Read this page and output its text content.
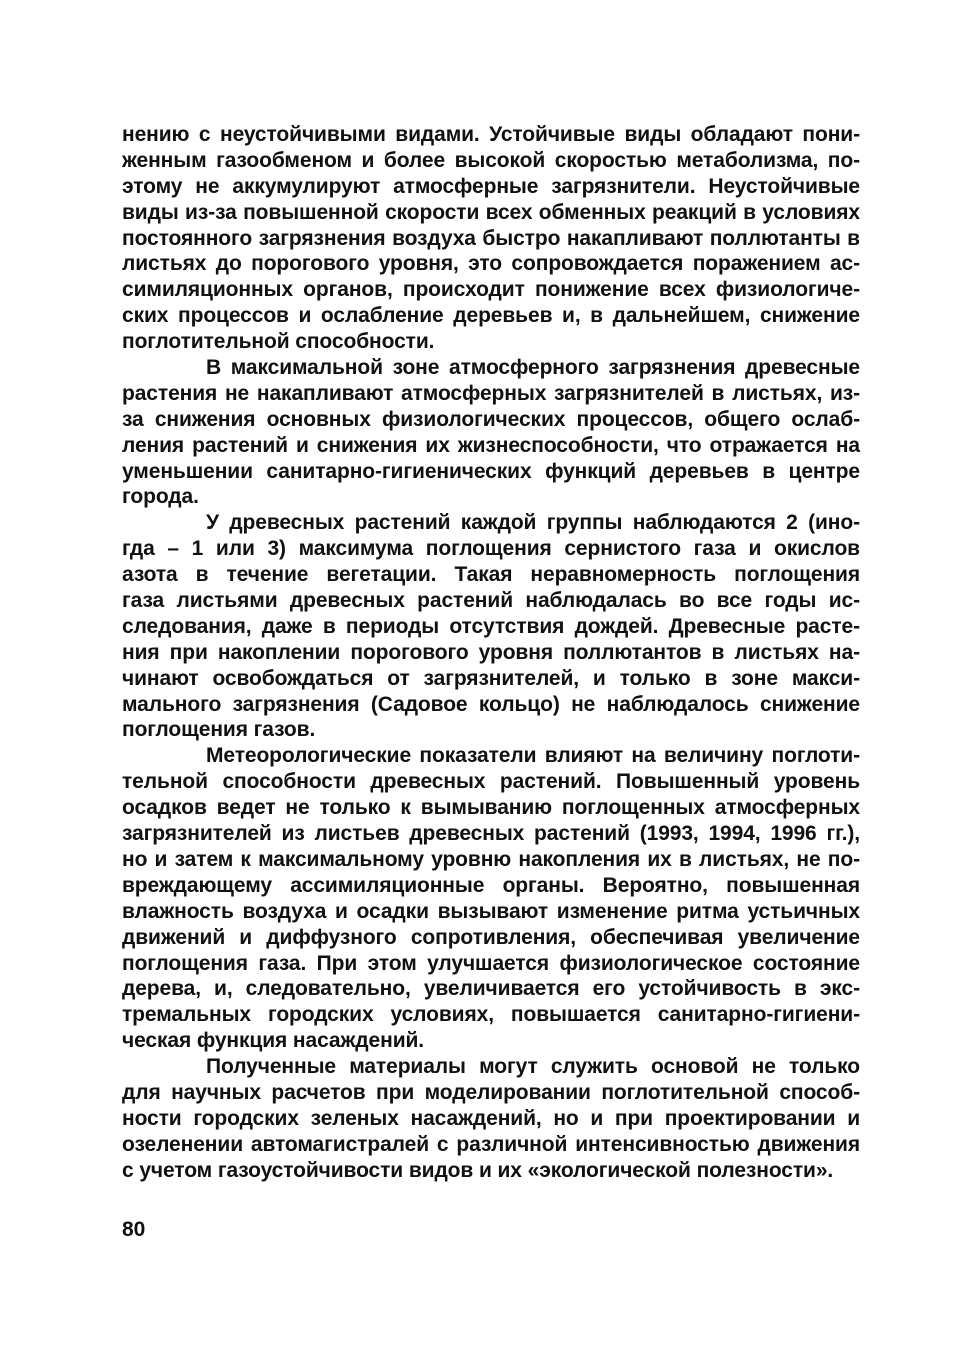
нению с неустойчивыми видами. Устойчивые виды обладают пони-
женным газообменом и более высокой скоростью метаболизма, по-
этому не аккумулируют атмосферные загрязнители. Неустойчивые
виды из-за повышенной скорости всех обменных реакций в условиях
постоянного загрязнения воздуха быстро накапливают поллютанты в
листьях до порогового уровня, это сопровождается поражением ас-
симиляционных органов, происходит понижение всех физиологиче-
ских процессов и ослабление деревьев и, в дальнейшем, снижение
поглотительной способности.
В максимальной зоне атмосферного загрязнения древесные
растения не накапливают атмосферных загрязнителей в листьях, из-
за снижения основных физиологических процессов, общего ослаб-
ления растений и снижения их жизнеспособности, что отражается на
уменьшении санитарно-гигиенических функций деревьев в центре
города.
У древесных растений каждой группы наблюдаются 2 (ино-
гда – 1 или 3) максимума поглощения сернистого газа и окислов
азота в течение вегетации. Такая неравномерность поглощения
газа листьями древесных растений наблюдалась во все годы ис-
следования, даже в периоды отсутствия дождей. Древесные расте-
ния при накоплении порогового уровня поллютантов в листьях на-
чинают освобождаться от загрязнителей, и только в зоне макси-
мального загрязнения (Садовое кольцо) не наблюдалось снижение
поглощения газов.
Метеорологические показатели влияют на величину поглоти-
тельной способности древесных растений. Повышенный уровень
осадков ведет не только к вымыванию поглощенных атмосферных
загрязнителей из листьев древесных растений (1993, 1994, 1996 гг.),
но и затем к максимальному уровню накопления их в листьях, не по-
вреждающему ассимиляционные органы. Вероятно, повышенная
влажность воздуха и осадки вызывают изменение ритма устьичных
движений и диффузного сопротивления, обеспечивая увеличение
поглощения газа. При этом улучшается физиологическое состояние
дерева, и, следовательно, увеличивается его устойчивость в экс-
тремальных городских условиях, повышается санитарно-гигиени-
ческая функция насаждений.
Полученные материалы могут служить основой не только
для научных расчетов при моделировании поглотительной способ-
ности городских зеленых насаждений, но и при проектировании и
озеленении автомагистралей с различной интенсивностью движения
с учетом газоустойчивости видов и их «экологической полезности».
80
